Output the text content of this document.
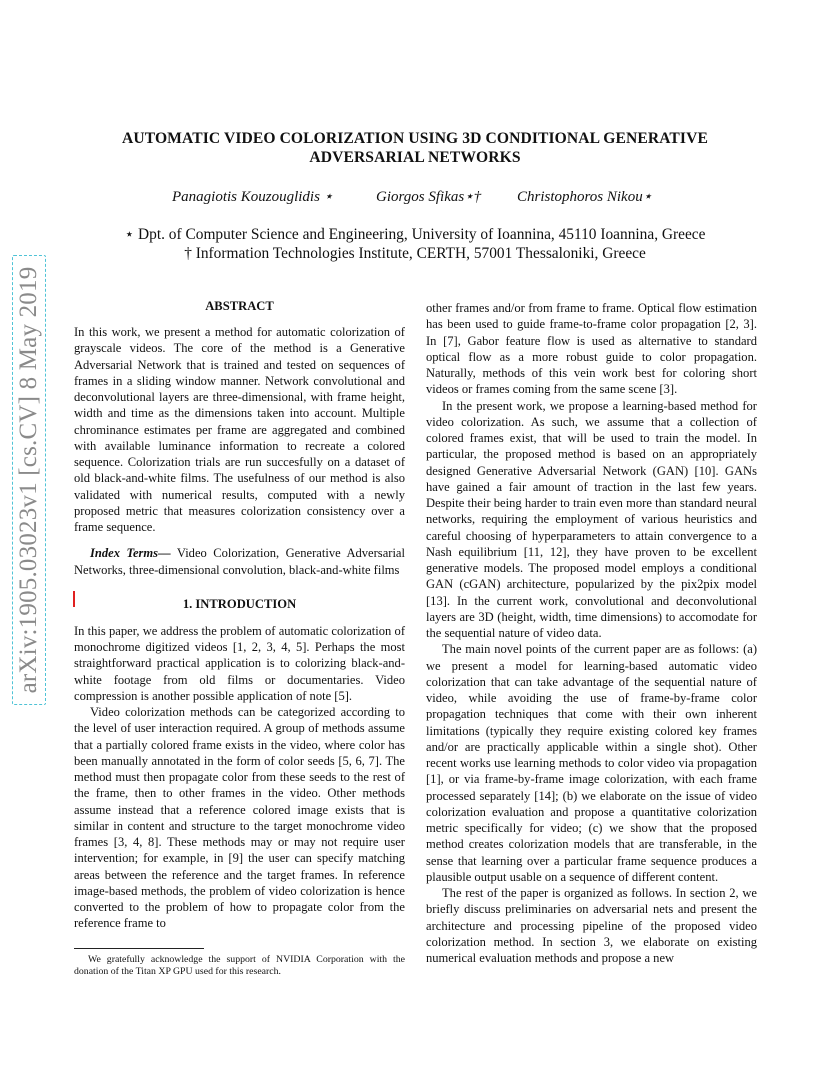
arXiv:1905.03023v1 [cs.CV] 8 May 2019
AUTOMATIC VIDEO COLORIZATION USING 3D CONDITIONAL GENERATIVE ADVERSARIAL NETWORKS
Panagiotis Kouzouglidis ⋆	Giorgos Sfikas⋆† Christophoros Nikou⋆
⋆ Dpt. of Computer Science and Engineering, University of Ioannina, 45110 Ioannina, Greece
† Information Technologies Institute, CERTH, 57001 Thessaloniki, Greece
ABSTRACT

In this work, we present a method for automatic colorization of grayscale videos. The core of the method is a Generative Adversarial Network that is trained and tested on sequences of frames in a sliding window manner. Network convolutional and deconvolutional layers are three-dimensional, with frame height, width and time as the dimensions taken into account. Multiple chrominance estimates per frame are aggregated and combined with available luminance information to recreate a colored sequence. Colorization trials are run succesfully on a dataset of old black-and-white films. The usefulness of our method is also validated with numerical results, computed with a newly proposed metric that measures colorization consistency over a frame sequence.

Index Terms— Video Colorization, Generative Adversarial Networks, three-dimensional convolution, black-and-white films

1. INTRODUCTION

In this paper, we address the problem of automatic colorization of monochrome digitized videos [1, 2, 3, 4, 5]. Perhaps the most straightforward practical application is to colorizing black-and-white footage from old films or documentaries. Video compression is another possible application of note [5].

Video colorization methods can be categorized according to the level of user interaction required. A group of methods assume that a partially colored frame exists in the video, where color has been manually annotated in the form of color seeds [5, 6, 7]. The method must then propagate color from these seeds to the rest of the frame, then to other frames in the video. Other methods assume instead that a reference colored image exists that is similar in content and structure to the target monochrome video frames [3, 4, 8]. These methods may or may not require user intervention; for example, in [9] the user can specify matching areas between the reference and the target frames. In reference image-based methods, the problem of video colorization is hence converted to the problem of how to propagate color from the reference frame to

other frames and/or from frame to frame. Optical flow estimation has been used to guide frame-to-frame color propagation [2, 3]. In [7], Gabor feature flow is used as alternative to standard optical flow as a more robust guide to color propagation. Naturally, methods of this vein work best for coloring short videos or frames coming from the same scene [3].

In the present work, we propose a learning-based method for video colorization. As such, we assume that a collection of colored frames exist, that will be used to train the model. In particular, the proposed method is based on an appropriately designed Generative Adversarial Network (GAN) [10]. GANs have gained a fair amount of traction in the last few years. Despite their being harder to train even more than standard neural networks, requiring the employment of various heuristics and careful choosing of hyperparameters to attain convergence to a Nash equilibrium [11, 12], they have proven to be excellent generative models. The proposed model employs a conditional GAN (cGAN) architecture, popularized by the pix2pix model [13]. In the current work, convolutional and deconvolutional layers are 3D (height, width, time dimensions) to accomodate for the sequential nature of video data.

The main novel points of the current paper are as follows: (a) we present a model for learning-based automatic video colorization that can take advantage of the sequential nature of video, while avoiding the use of frame-by-frame color propagation techniques that come with their own inherent limitations (typically they require existing colored key frames and/or are practically applicable within a single shot). Other recent works use learning methods to color video via propagation [1], or via frame-by-frame image colorization, with each frame processed separately [14]; (b) we elaborate on the issue of video colorization evaluation and propose a quantitative colorization metric specifically for video; (c) we show that the proposed method creates colorization models that are transferable, in the sense that learning over a particular frame sequence produces a plausible output usable on a sequence of different content.

The rest of the paper is organized as follows. In section 2, we briefly discuss preliminaries on adversarial nets and present the architecture and processing pipeline of the proposed video colorization method. In section 3, we elaborate on existing numerical evaluation methods and propose a new

We gratefully acknowledge the support of NVIDIA Corporation with the donation of the Titan XP GPU used for this research.
